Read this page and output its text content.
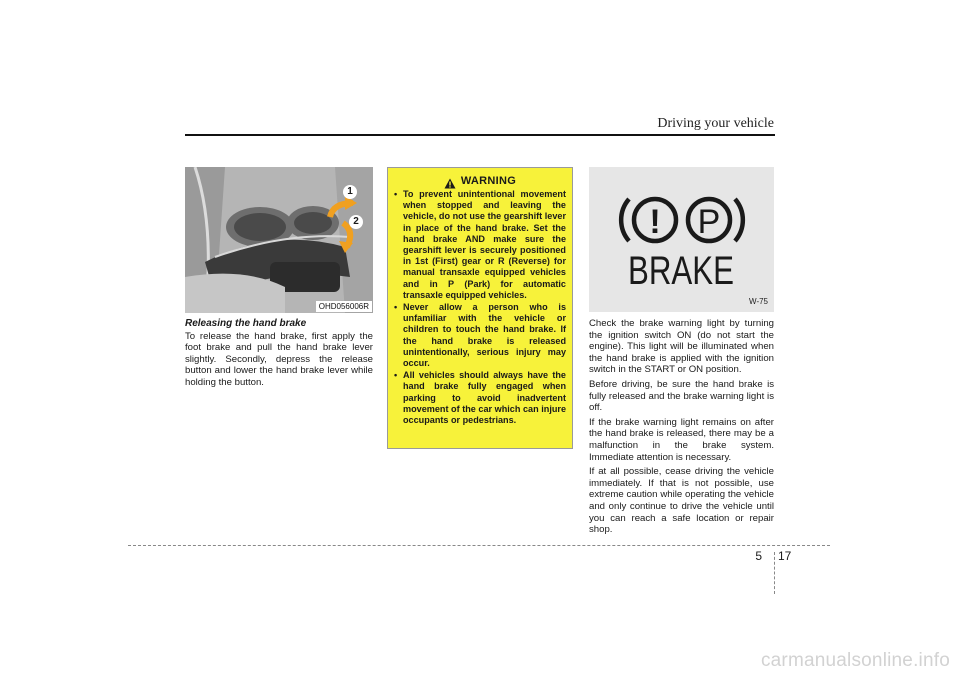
Driving your vehicle
1
2
OHD056006R
Releasing the hand brake

To release the hand brake, first apply the foot brake and pull the hand brake lever slightly. Secondly, depress the release button and lower the hand brake lever while holding the button.

WARNING
• To prevent unintentional movement when stopped and leaving the vehicle, do not use the gearshift lever in place of the hand brake. Set the hand brake AND make sure the gearshift lever is securely positioned in 1st (First) gear or R (Reverse) for manual transaxle equipped vehicles and in P (Park) for automatic transaxle equipped vehicles.
• Never allow a person who is unfamiliar with the vehicle or children to touch the hand brake. If the hand brake is released unintentionally, serious injury may occur.
• All vehicles should always have the hand brake fully engaged when parking to avoid inadvertent movement of the car which can injure occupants or pedestrians.
! P
BRAKE
W-75

Check the brake warning light by turning the ignition switch ON (do not start the engine). This light will be illuminated when the hand brake is applied with the ignition switch in the START or ON position.

Before driving, be sure the hand brake is fully released and the brake warning light is off.

If the brake warning light remains on after the hand brake is released, there may be a malfunction in the brake system. Immediate attention is necessary.

If at all possible, cease driving the vehicle immediately. If that is not possible, use extreme caution while operating the vehicle and only continue to drive the vehicle until you can reach a safe location or repair shop.

5 17
carmanualsonline.info
